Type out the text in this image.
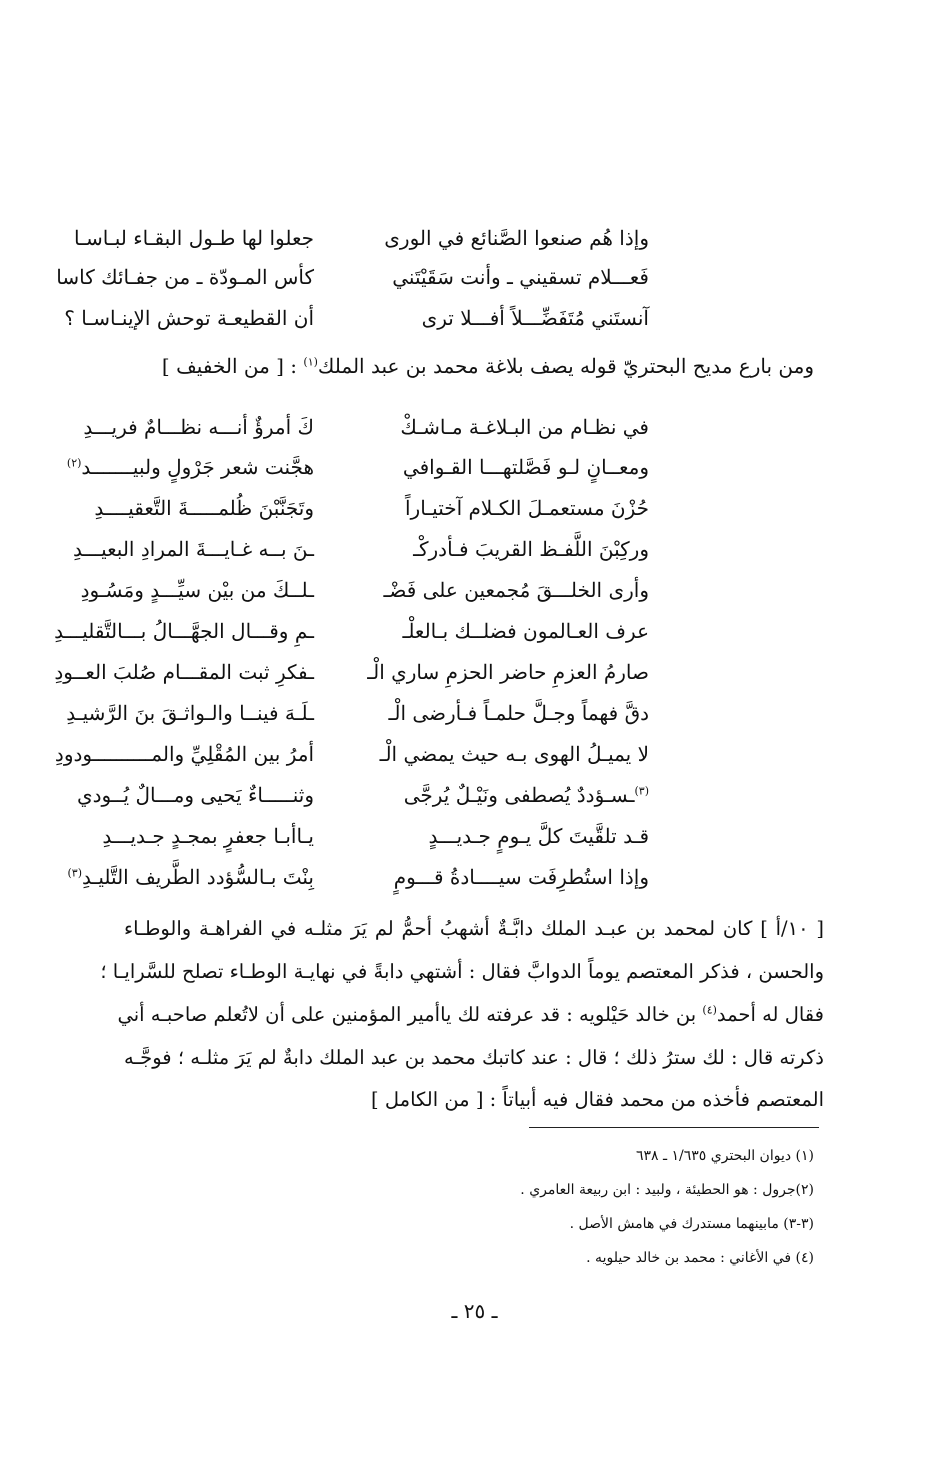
وإذا هُم صنعوا الصَّنائع في الورى
جعلوا لها طـول البقـاء لبـاسـا
فَعـــلام تسقيني ـ وأنت سَقَيْتَني
كأس المـودّة ـ من جفـائك كاسا
آنستَني مُتَفَضِّـــلاً أفـــلا ترى
أن القطيعـة توحش الإينـاسـا ؟
ومن بارع مديح البحتريّ قوله يصف بلاغة محمد بن عبد الملك$^{(١)}$ : [ من الخفيف ]
في نظـام من البـلاغـة مـاشـكْ
كَ أمرؤٌ أنـــه نظـــامٌ فريـــدِ
ومعــانٍ لـو فَصَّلتهـــا القـوافي
هجَّنت شعر جَرْولٍ ولبيـــــــد$^{(٢)}$
حُزْنَ مستعمـلَ الكـلام آختيـاراً
وتَجَنَّبْنَ ظُلمـــــةَ التَّعقيــــدِ
وركِبْنَ اللَّفـظ القريبَ فـأدركْـ
ـنَ بــه غـايـــةَ المرادِ البعيـــدِ
وأرى الخلـــقَ مُجمعين على فَضْـ
ـلــكَ من بيْن سيِّـــدٍ ومَسُـودِ
عرف العـالمون فضلــك بـالعلْـ
ـمِ وقـــال الجهَّـــالُ بـــالتَّقليـــدِ
صارمُ العزمِ حاضر الحزمِ ساري الْـ
ـفكرِ ثبت المقـــام صُلبَ العــودِ
دقَّ فهماً وجـلَّ حلمـاً فـأرضى الْـ
ـلَـهَ فينــا والـواثـقَ بنَ الرَّشيـدِ
لا يميـلُ الهوى بـه حيث يمضي الْـ
أمرُ بين المُقْلِيِّ والمــــــــــودودِ
$^{(٣)}$ـسـؤددٌ يُصطفى ونَيْـلٌ يُرجَّى
وثنـــــاءٌ يَحيى ومـــالٌ يُــودي
قـد تلقَّيتَ كلَّ يـومٍ جـديـــدٍ
يـاأبـا جعفرٍ بمجـدٍ جـديـــدِ
وإذا استُطرِفَت سيــــادةُ قـــومٍ
بِنْتَ بـالسُّؤدد الطَّريف التَّليـدِ$^{(٣)}$
[ ١٠/أ ] كان لمحمد بن عبـد الملك دابَّـةٌ أشهبُ أحمُّ لم يَرَ مثلـه في الفراهـة والوطـاء
والحسن ، فذكر المعتصم يوماً الدوابَّ فقال : أشتهي دابةً في نهايـة الوطـاء تصلح للسَّرايـا ؛
فقال له أحمد$^{(٤)}$ بن خالد حَيْلويه : قد عرفته لك ياأمير المؤمنين على أن لاتُعلم صاحبـه أني
ذكرته قال : لك سترُ ذلك ؛ قال : عند كاتبك محمد بن عبد الملك دابةٌ لم يَرَ مثلـه ؛ فوجَّـه
المعتصم فأخذه من محمد فقال فيه أبياتاً : [ من الكامل ]
(١) ديوان البحتري ١/٦٣٥ ـ ٦٣٨
(٢)جرول : هو الحطيئة ، ولبيد : ابن ربيعة العامري .
(٣-٣) مابينهما مستدرك في هامش الأصل .
(٤) في الأغاني : محمد بن خالد حيلويه .
ـ ٢٥ ـ
